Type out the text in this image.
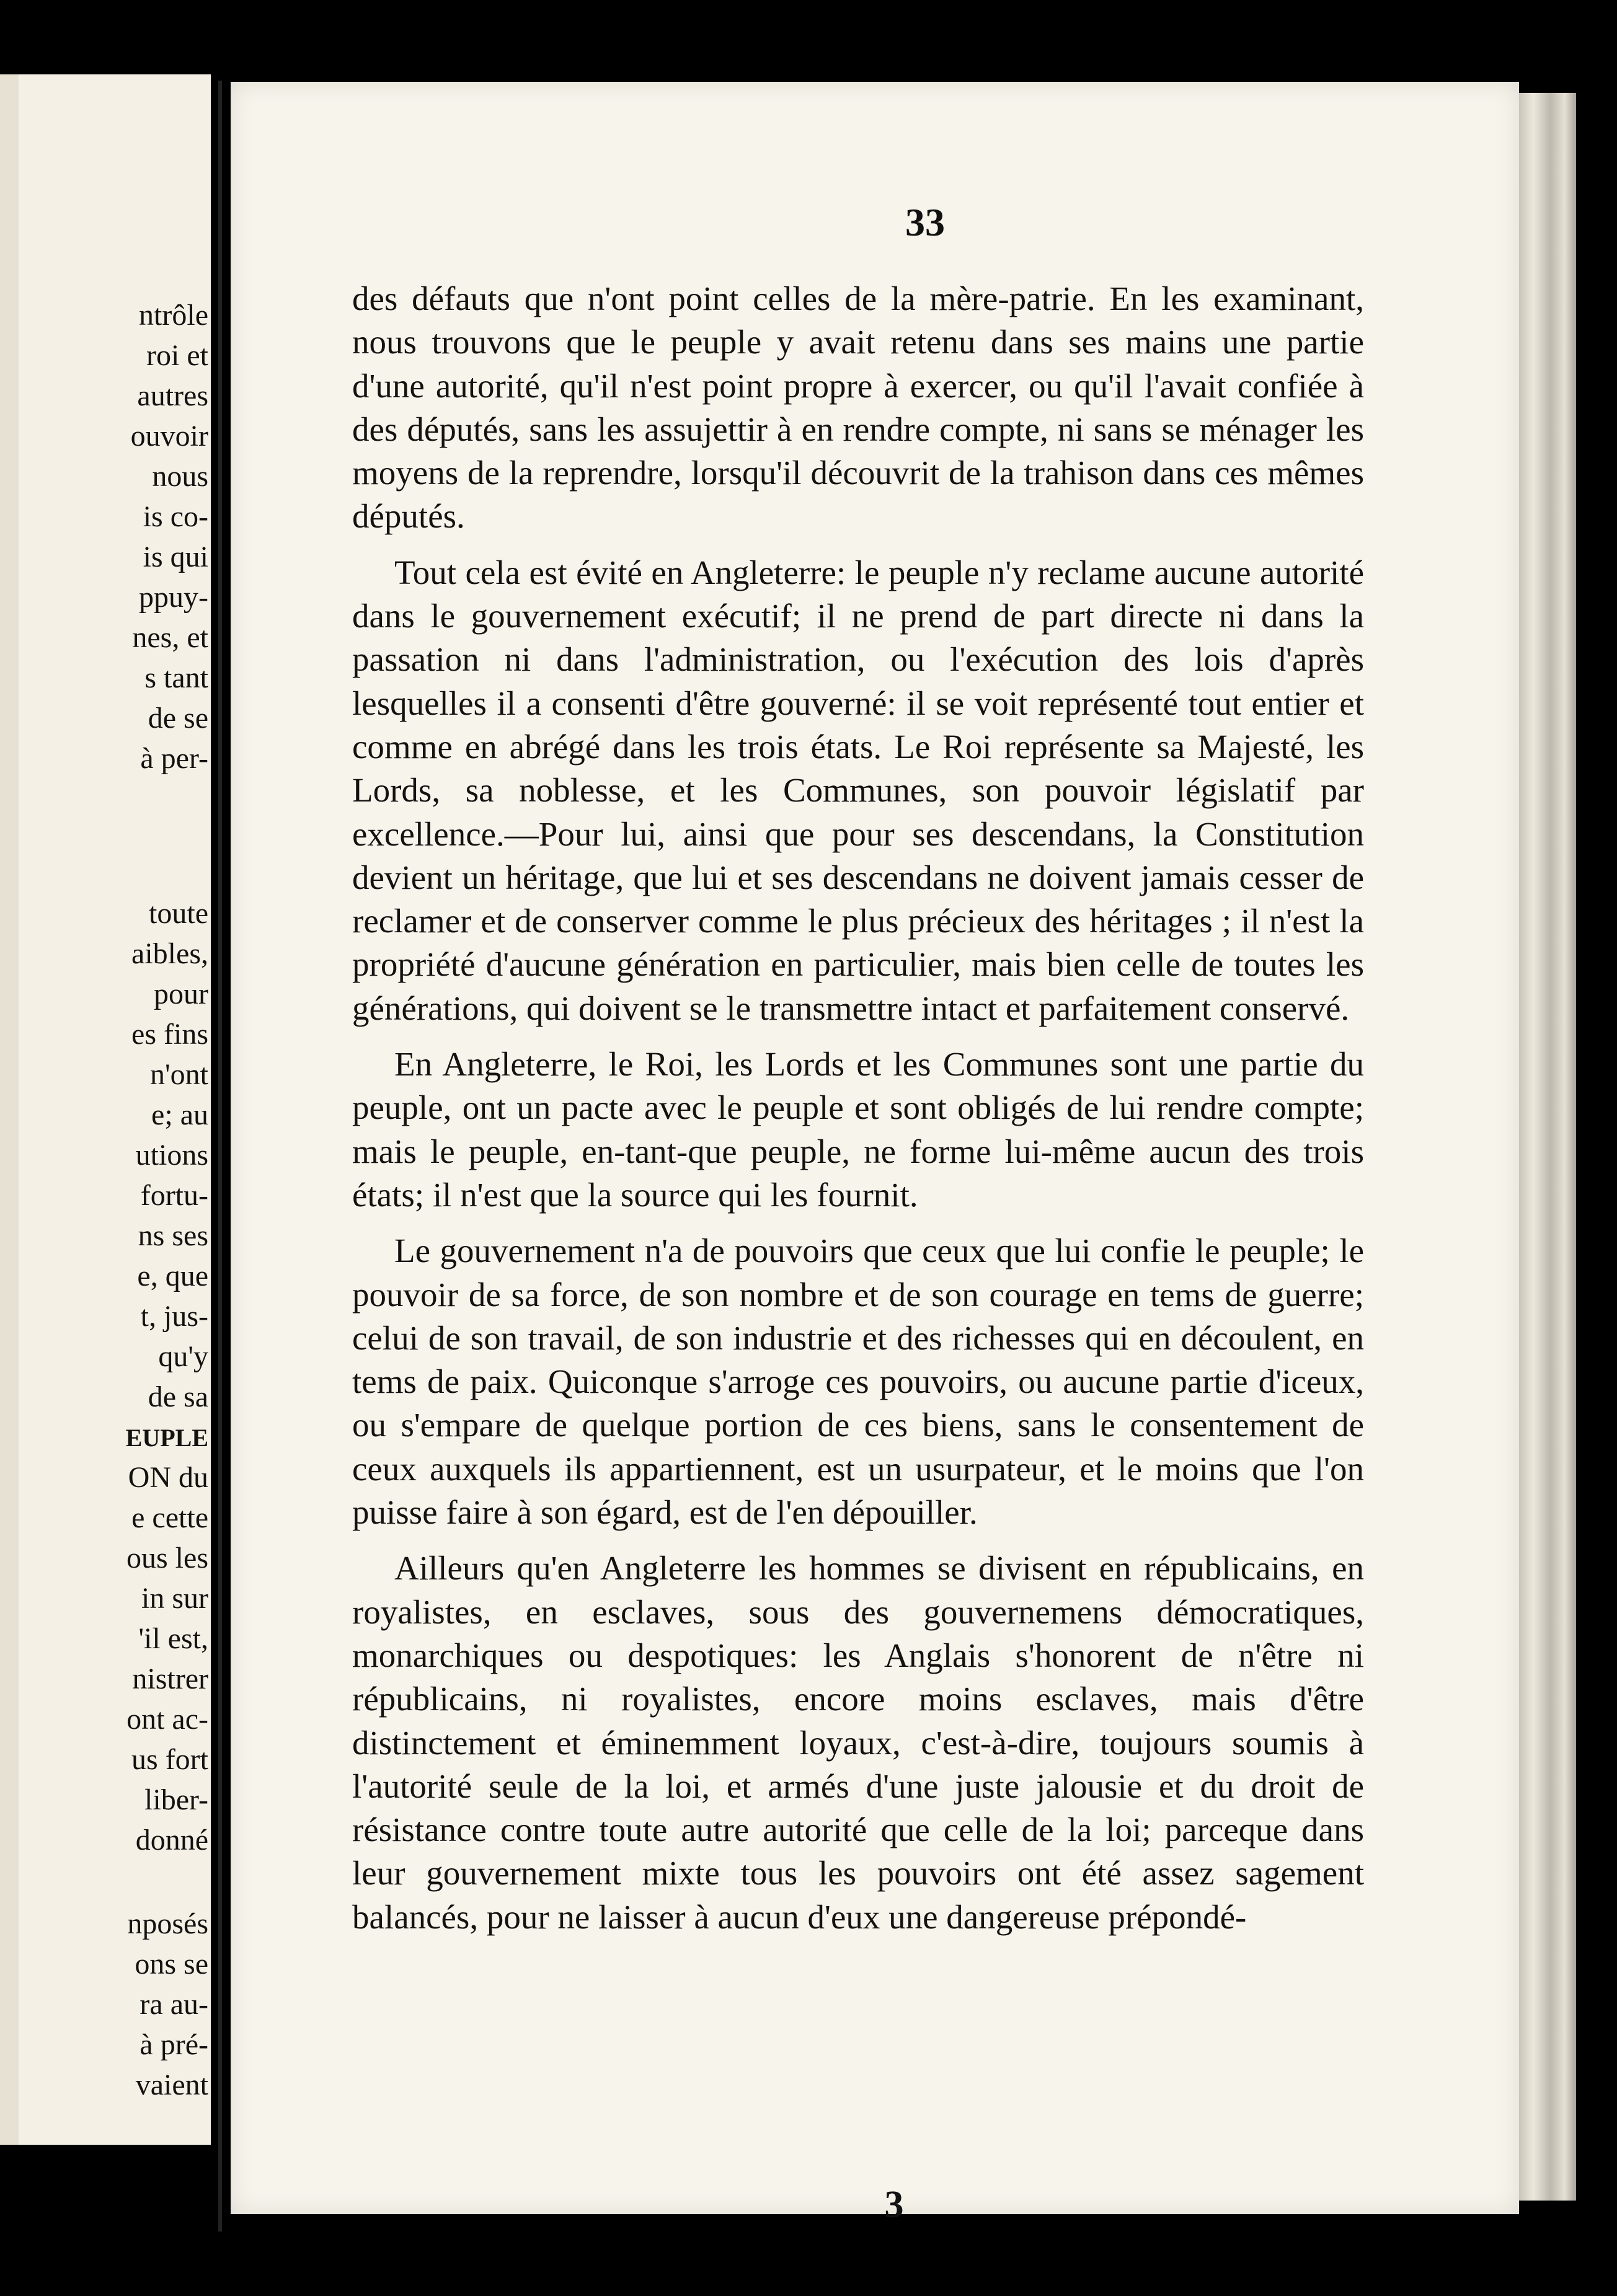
ntrôle
roi et
autres
ouvoir
nous
is co-
is qui
ppuy-
nes, et
s tant
de se
à per-
toute
aibles,
pour
es fins
n'ont
e; au
utions
fortu-
ns ses
e, que
t, jus-
qu'y
de sa
EUPLE
ON du
e cette
ous les
in sur
'il est,
nistrer
ont ac-
us fort
liber-
donné
nposés
ons se
ra au-
à pré-
vaient
33

des défauts que n'ont point celles de la mère-patrie. En les examinant, nous trouvons que le peuple y avait retenu dans ses mains une partie d'une autorité, qu'il n'est point propre à exercer, ou qu'il l'avait confiée à des députés, sans les assujettir à en rendre compte, ni sans se ménager les moyens de la reprendre, lorsqu'il découvrit de la trahison dans ces mêmes députés.

Tout cela est évité en Angleterre: le peuple n'y reclame aucune autorité dans le gouvernement exécutif; il ne prend de part directe ni dans la passation ni dans l'administration, ou l'exécution des lois d'après lesquelles il a consenti d'être gouverné: il se voit représenté tout entier et comme en abrégé dans les trois états. Le Roi représente sa Majesté, les Lords, sa noblesse, et les Communes, son pouvoir législatif par excellence.—Pour lui, ainsi que pour ses descendans, la Constitution devient un héritage, que lui et ses descendans ne doivent jamais cesser de reclamer et de conserver comme le plus précieux des héritages ; il n'est la propriété d'aucune génération en particulier, mais bien celle de toutes les générations, qui doivent se le transmettre intact et parfaitement conservé.

En Angleterre, le Roi, les Lords et les Communes sont une partie du peuple, ont un pacte avec le peuple et sont obligés de lui rendre compte; mais le peuple, en-tant-que peuple, ne forme lui-même aucun des trois états; il n'est que la source qui les fournit.

Le gouvernement n'a de pouvoirs que ceux que lui confie le peuple; le pouvoir de sa force, de son nombre et de son courage en tems de guerre; celui de son travail, de son industrie et des richesses qui en découlent, en tems de paix. Quiconque s'arroge ces pouvoirs, ou aucune partie d'iceux, ou s'empare de quelque portion de ces biens, sans le consentement de ceux auxquels ils appartiennent, est un usurpateur, et le moins que l'on puisse faire à son égard, est de l'en dépouiller.

Ailleurs qu'en Angleterre les hommes se divisent en républicains, en royalistes, en esclaves, sous des gouvernemens démocratiques, monarchiques ou despotiques: les Anglais s'honorent de n'être ni républicains, ni royalistes, encore moins esclaves, mais d'être distinctement et éminemment loyaux, c'est-à-dire, toujours soumis à l'autorité seule de la loi, et armés d'une juste jalousie et du droit de résistance contre toute autre autorité que celle de la loi; parceque dans leur gouvernement mixte tous les pouvoirs ont été assez sagement balancés, pour ne laisser à aucun d'eux une dangereuse prépondé-

3
